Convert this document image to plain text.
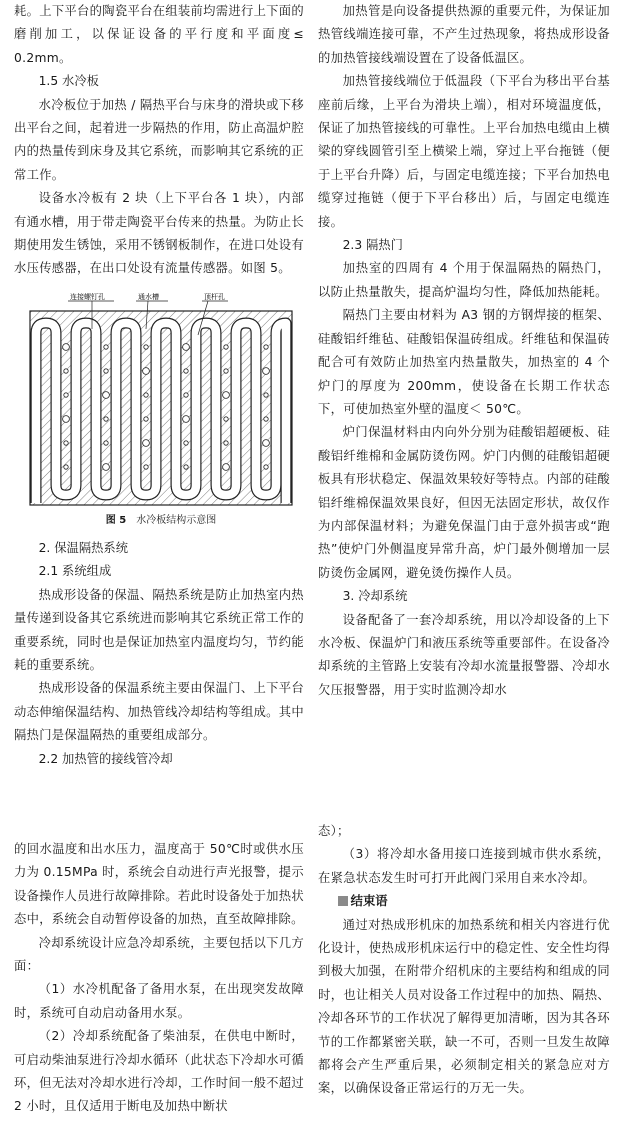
耗。上下平台的陶瓷平台在组装前均需进行上下面的磨削加工，以保证设备的平行度和平面度≤ 0.2mm。

1.5 水冷板

水冷板位于加热 / 隔热平台与床身的滑块或下移出平台之间，起着进一步隔热的作用，防止高温炉腔内的热量传到床身及其它系统，而影响其它系统的正常工作。

设备水冷板有 2 块（上下平台各 1 块），内部有通水槽，用于带走陶瓷平台传来的热量。为防止长期使用发生锈蚀，采用不锈钢板制作，在进口处设有水压传感器，在出口处设有流量传感器。如图 5。

连接螺钉孔	通水槽	顶杆孔
图 5 水冷板结构示意图
2. 保温隔热系统
2.1 系统组成

热成形设备的保温、隔热系统是防止加热室内热量传递到设备其它系统进而影响其它系统正常工作的重要系统，同时也是保证加热室内温度均匀，节约能耗的重要系统。

热成形设备的保温系统主要由保温门、上下平台动态伸缩保温结构、加热管线冷却结构等组成。其中隔热门是保温隔热的重要组成部分。

2.2 加热管的接线管冷却

加热管是向设备提供热源的重要元件，为保证加热管线端连接可靠，不产生过热现象，将热成形设备的加热管接线端设置在了设备低温区。

加热管接线端位于低温段（下平台为移出平台基座前后缘，上平台为滑块上端），相对环境温度低，保证了加热管接线的可靠性。上平台加热电缆由上横梁的穿线圆管引至上横梁上端，穿过上平台拖链（便于上平台升降）后，与固定电缆连接；下平台加热电缆穿过拖链（便于下平台移出）后，与固定电缆连接。

2.3 隔热门

加热室的四周有 4 个用于保温隔热的隔热门，以防止热量散失，提高炉温均匀性，降低加热能耗。

隔热门主要由材料为 A3 钢的方钢焊接的框架、硅酸铝纤维毡、硅酸铝保温砖组成。纤维毡和保温砖配合可有效防止加热室内热量散失，加热室的 4 个炉门的厚度为 200mm，使设备在长期工作状态下，可使加热室外壁的温度＜ 50℃。

炉门保温材料由内向外分别为硅酸铝超硬板、硅酸铝纤维棉和金属防烫伤网。炉门内侧的硅酸铝超硬板具有形状稳定、保温效果较好等特点。内部的硅酸铝纤维棉保温效果良好，但因无法固定形状，故仅作为内部保温材料；为避免保温门由于意外损害或“跑热”使炉门外侧温度异常升高，炉门最外侧增加一层防烫伤金属网，避免烫伤操作人员。

3. 冷却系统

设备配备了一套冷却系统，用以冷却设备的上下水冷板、保温炉门和液压系统等重要部件。在设备冷却系统的主管路上安装有冷却水流量报警器、冷却水欠压报警器，用于实时监测冷却水

的回水温度和出水压力，温度高于 50℃时或供水压力为 0.15MPa 时，系统会自动进行声光报警，提示设备操作人员进行故障排除。若此时设备处于加热状态中，系统会自动暂停设备的加热，直至故障排除。

冷却系统设计应急冷却系统，主要包括以下几方面：

（1）水冷机配备了备用水泵，在出现突发故障时，系统可自动启动备用水泵。

（2）冷却系统配备了柴油泵，在供电中断时，可启动柴油泵进行冷却水循环（此状态下冷却水可循环，但无法对冷却水进行冷却，工作时间一般不超过 2 小时，且仅适用于断电及加热中断状

态）；

（3）将冷却水备用接口连接到城市供水系统，在紧急状态发生时可打开此阀门采用自来水冷却。

结束语

通过对热成形机床的加热系统和相关内容进行优化设计，使热成形机床运行中的稳定性、安全性均得到极大加强，在附带介绍机床的主要结构和组成的同时，也让相关人员对设备工作过程中的加热、隔热、冷却各环节的工作状况了解得更加清晰，因为其各环节的工作都紧密关联，缺一不可，否则一旦发生故障都将会产生严重后果，必须制定相关的紧急应对方案，以确保设备正常运行的万无一失。
